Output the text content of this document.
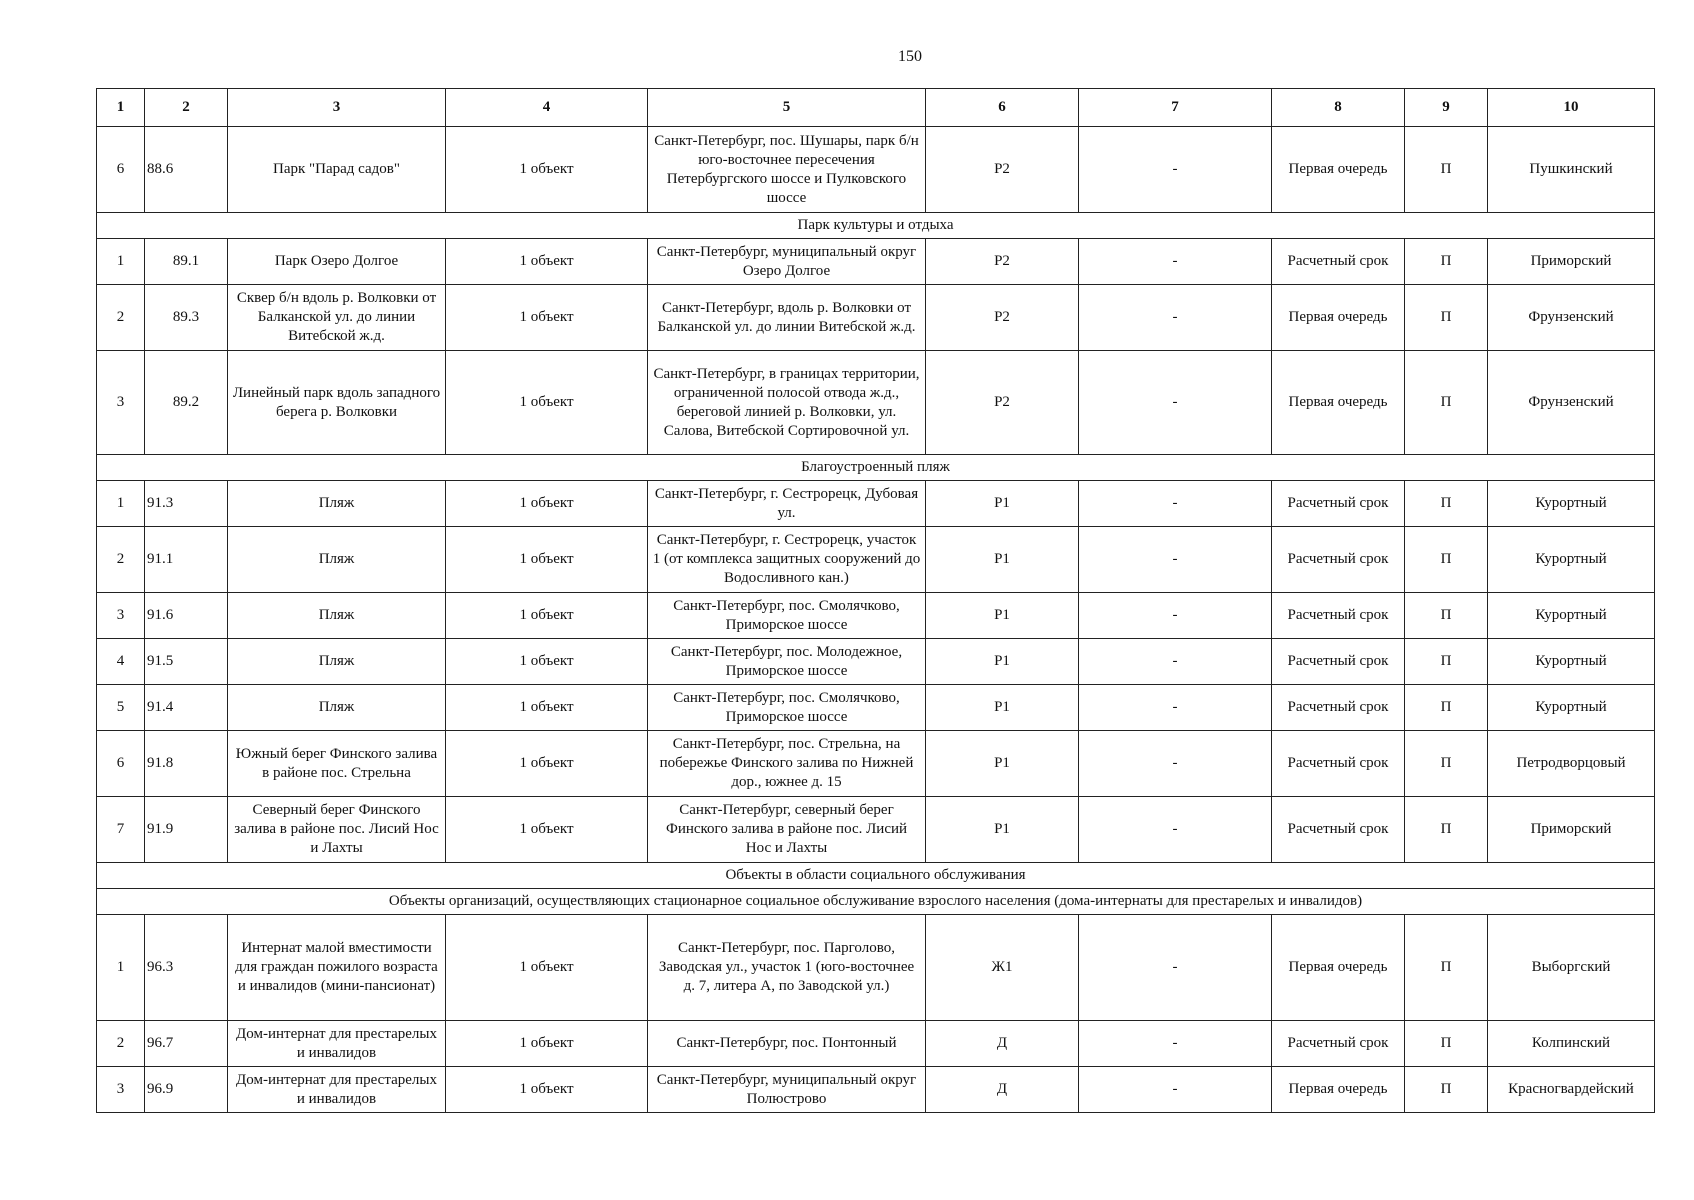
150
1	2	3	4	5	6	7	8	9	10
6	88.6	Парк "Парад садов"	1 объект	Санкт-Петербург, пос. Шушары, парк б/н юго-восточнее пересечения Петербургского шоссе и Пулковского шоссе	Р2	-	Первая очередь	П	Пушкинский
Парк культуры и отдыха									
1	89.1	Парк Озеро Долгое	1 объект	Санкт-Петербург, муниципальный округ Озеро Долгое	Р2	-	Расчетный срок	П	Приморский
2	89.3	Сквер б/н вдоль р. Волковки от Балканской ул. до линии Витебской ж.д.	1 объект	Санкт-Петербург, вдоль р. Волковки от Балканской ул. до линии Витебской ж.д.	Р2	-	Первая очередь	П	Фрунзенский
3	89.2	Линейный парк вдоль западного берега р. Волковки	1 объект	Санкт-Петербург, в границах территории, ограниченной полосой отвода ж.д., береговой линией р. Волковки, ул. Салова, Витебской Сортировочной ул.	Р2	-	Первая очередь	П	Фрунзенский
Благоустроенный пляж									
1	91.3	Пляж	1 объект	Санкт-Петербург, г. Сестрорецк, Дубовая ул.	Р1	-	Расчетный срок	П	Курортный
2	91.1	Пляж	1 объект	Санкт-Петербург, г. Сестрорецк, участок 1 (от комплекса защитных сооружений до Водосливного кан.)	Р1	-	Расчетный срок	П	Курортный
3	91.6	Пляж	1 объект	Санкт-Петербург, пос. Смолячково, Приморское шоссе	Р1	-	Расчетный срок	П	Курортный
4	91.5	Пляж	1 объект	Санкт-Петербург, пос. Молодежное, Приморское шоссе	Р1	-	Расчетный срок	П	Курортный
5	91.4	Пляж	1 объект	Санкт-Петербург, пос. Смолячково, Приморское шоссе	Р1	-	Расчетный срок	П	Курортный
6	91.8	Южный берег Финского залива в районе пос. Стрельна	1 объект	Санкт-Петербург, пос. Стрельна, на побережье Финского залива по Нижней дор., южнее д. 15	Р1	-	Расчетный срок	П	Петродворцовый
7	91.9	Северный берег Финского залива в районе пос. Лисий Нос и Лахты	1 объект	Санкт-Петербург, северный берег Финского залива в районе пос. Лисий Нос и Лахты	Р1	-	Расчетный срок	П	Приморский
Объекты в области социального обслуживания									
Объекты организаций, осуществляющих стационарное социальное обслуживание взрослого населения (дома-интернаты для престарелых и инвалидов)									
1	96.3	Интернат малой вместимости для граждан пожилого возраста и инвалидов (мини-пансионат)	1 объект	Санкт-Петербург, пос. Парголово, Заводская ул., участок 1 (юго-восточнее д. 7, литера А, по Заводской ул.)	Ж1	-	Первая очередь	П	Выборгский
2	96.7	Дом-интернат для престарелых и инвалидов	1 объект	Санкт-Петербург, пос. Понтонный	Д	-	Расчетный срок	П	Колпинский
3	96.9	Дом-интернат для престарелых и инвалидов	1 объект	Санкт-Петербург, муниципальный округ Полюстрово	Д	-	Первая очередь	П	Красногвардейский
